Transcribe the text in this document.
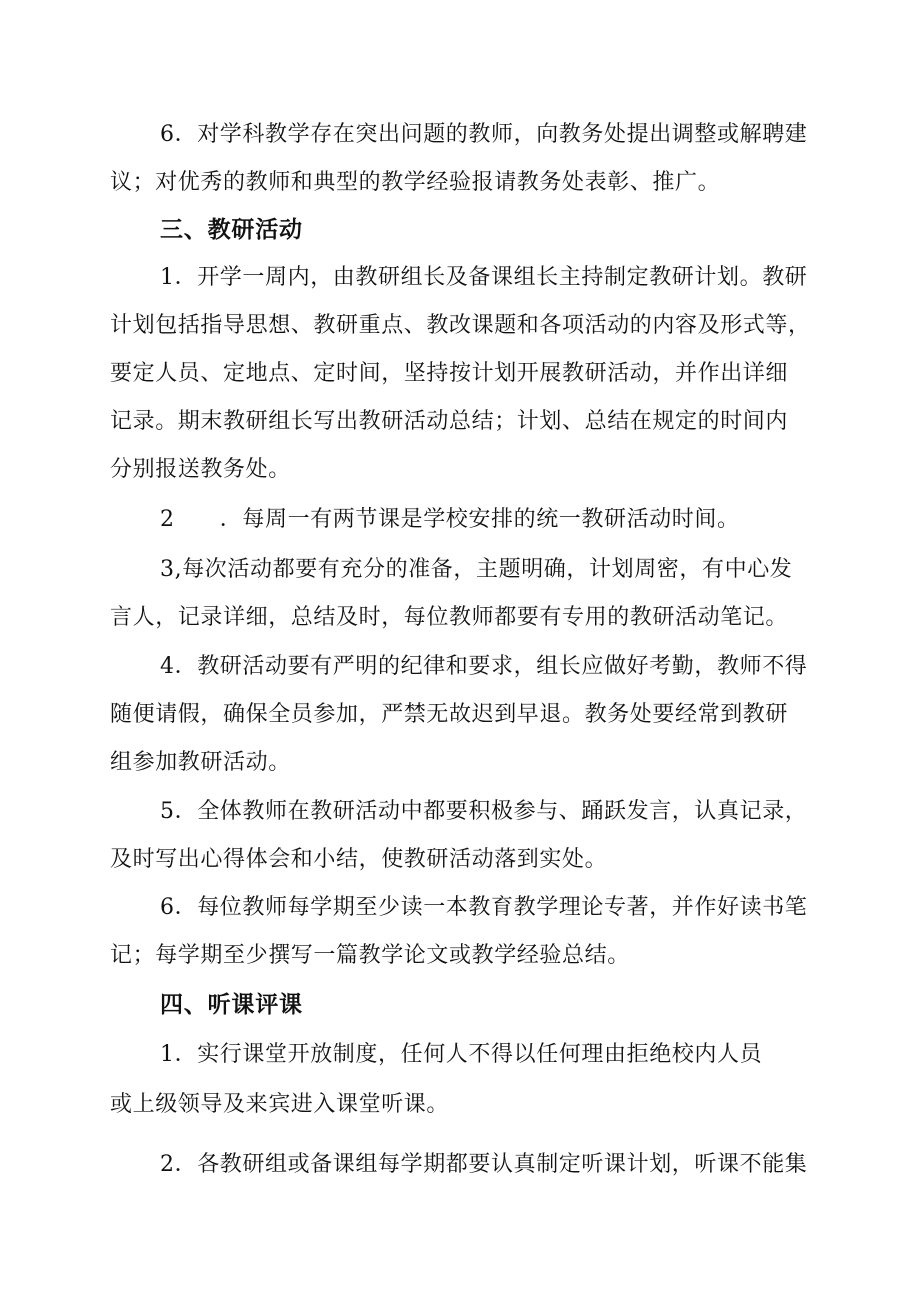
6．对学科教学存在突出问题的教师，向教务处提出调整或解聘建
议；对优秀的教师和典型的教学经验报请教务处表彰、推广。
三、教研活动
1．开学一周内，由教研组长及备课组长主持制定教研计划。教研
计划包括指导思想、教研重点、教改课题和各项活动的内容及形式等，
要定人员、定地点、定时间，坚持按计划开展教研活动，并作出详细
记录。期末教研组长写出教研活动总结；计划、总结在规定的时间内
分别报送教务处。
2　　．每周一有两节课是学校安排的统一教研活动时间。
3,每次活动都要有充分的准备，主题明确，计划周密，有中心发
言人，记录详细，总结及时，每位教师都要有专用的教研活动笔记。
4．教研活动要有严明的纪律和要求，组长应做好考勤，教师不得
随便请假，确保全员参加，严禁无故迟到早退。教务处要经常到教研
组参加教研活动。
5．全体教师在教研活动中都要积极参与、踊跃发言，认真记录，
及时写出心得体会和小结，使教研活动落到实处。
6．每位教师每学期至少读一本教育教学理论专著，并作好读书笔
记；每学期至少撰写一篇教学论文或教学经验总结。
四、听课评课
1．实行课堂开放制度，任何人不得以任何理由拒绝校内人员
或上级领导及来宾进入课堂听课。
2．各教研组或备课组每学期都要认真制定听课计划，听课不能集
